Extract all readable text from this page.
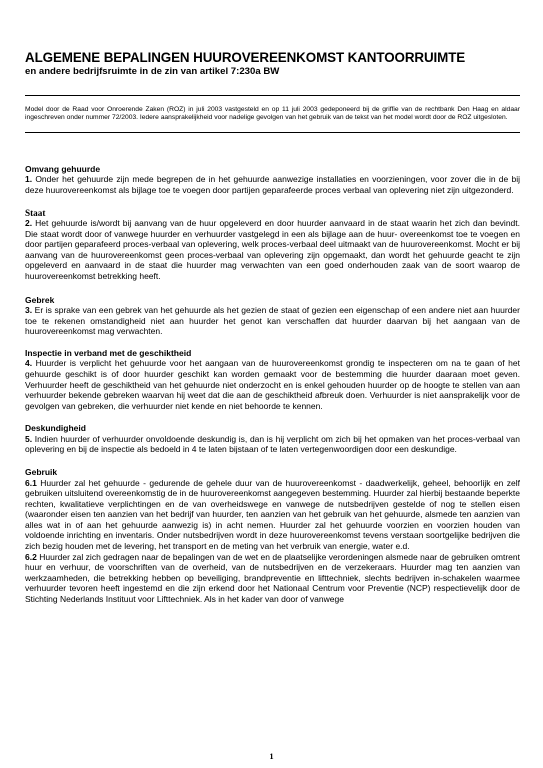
ALGEMENE BEPALINGEN HUUROVEREENKOMST KANTOORRUIMTE
en andere bedrijfsruimte in de zin van artikel 7:230a BW
Model door de Raad voor Onroerende Zaken (ROZ) in juli 2003 vastgesteld en op 11 juli 2003 gedeponeerd bij de griffie van de rechtbank Den Haag en aldaar ingeschreven onder nummer 72/2003. Iedere aansprakelijkheid voor nadelige gevolgen van het gebruik van de tekst van het model wordt door de ROZ uitgesloten.
Omvang gehuurde

1. Onder het gehuurde zijn mede begrepen de in het gehuurde aanwezige installaties en voorzieningen, voor zover die in de bij deze huurovereenkomst als bijlage toe te voegen door partijen geparafeerde proces verbaal van oplevering niet zijn uitgezonderd.

Staat

2. Het gehuurde is/wordt bij aanvang van de huur opgeleverd en door huurder aanvaard in de staat waarin het zich dan bevindt. Die staat wordt door of vanwege huurder en verhuurder vastgelegd in een als bijlage aan de huur- overeenkomst toe te voegen en door partijen geparafeerd proces-verbaal van oplevering, welk proces-verbaal deel uitmaakt van de huurovereenkomst. Mocht er bij aanvang van de huurovereenkomst geen proces-verbaal van oplevering zijn opgemaakt, dan wordt het gehuurde geacht te zijn opgeleverd en aanvaard in de staat die huurder mag verwachten van een goed onderhouden zaak van de soort waarop de huurovereenkomst betrekking heeft.

Gebrek

3. Er is sprake van een gebrek van het gehuurde als het gezien de staat of gezien een eigenschap of een andere niet aan huurder toe te rekenen omstandigheid niet aan huurder het genot kan verschaffen dat huurder daarvan bij het aangaan van de huurovereenkomst mag verwachten.

Inspectie in verband met de geschiktheid

4. Huurder is verplicht het gehuurde voor het aangaan van de huurovereenkomst grondig te inspecteren om na te gaan of het gehuurde geschikt is of door huurder geschikt kan worden gemaakt voor de bestemming die huurder daaraan moet geven. Verhuurder heeft de geschiktheid van het gehuurde niet onderzocht en is enkel gehouden huurder op de hoogte te stellen van aan verhuurder bekende gebreken waarvan hij weet dat die aan de geschiktheid afbreuk doen. Verhuurder is niet aansprakelijk voor de gevolgen van gebreken, die verhuurder niet kende en niet behoorde te kennen.

Deskundigheid

5. Indien huurder of verhuurder onvoldoende deskundig is, dan is hij verplicht om zich bij het opmaken van het proces-verbaal van oplevering en bij de inspectie als bedoeld in 4 te laten bijstaan of te laten vertegenwoordigen door een deskundige.

Gebruik

6.1 Huurder zal het gehuurde - gedurende de gehele duur van de huurovereenkomst - daadwerkelijk, geheel, behoorlijk en zelf gebruiken uitsluitend overeenkomstig de in de huurovereenkomst aangegeven bestemming. Huurder zal hierbij bestaande beperkte rechten, kwalitatieve verplichtingen en de van overheidswege en vanwege de nutsbedrijven gestelde of nog te stellen eisen (waaronder eisen ten aanzien van het bedrijf van huurder, ten aanzien van het gebruik van het gehuurde, alsmede ten aanzien van alles wat in of aan het gehuurde aanwezig is) in acht nemen. Huurder zal het gehuurde voorzien en voorzien houden van voldoende inrichting en inventaris. Onder nutsbedrijven wordt in deze huurovereenkomst tevens verstaan soortgelijke bedrijven die zich bezig houden met de levering, het transport en de meting van het verbruik van energie, water e.d.

6.2 Huurder zal zich gedragen naar de bepalingen van de wet en de plaatselijke verordeningen alsmede naar de gebruiken omtrent huur en verhuur, de voorschriften van de overheid, van de nutsbedrijven en de verzekeraars. Huurder mag ten aanzien van werkzaamheden, die betrekking hebben op beveiliging, brandpreventie en lifttechniek, slechts bedrijven in-schakelen waarmee verhuurder tevoren heeft ingestemd en die zijn erkend door het Nationaal Centrum voor Preventie (NCP) respectievelijk door de Stichting Nederlands Instituut voor Lifttechniek. Als in het kader van door of vanwege

1
